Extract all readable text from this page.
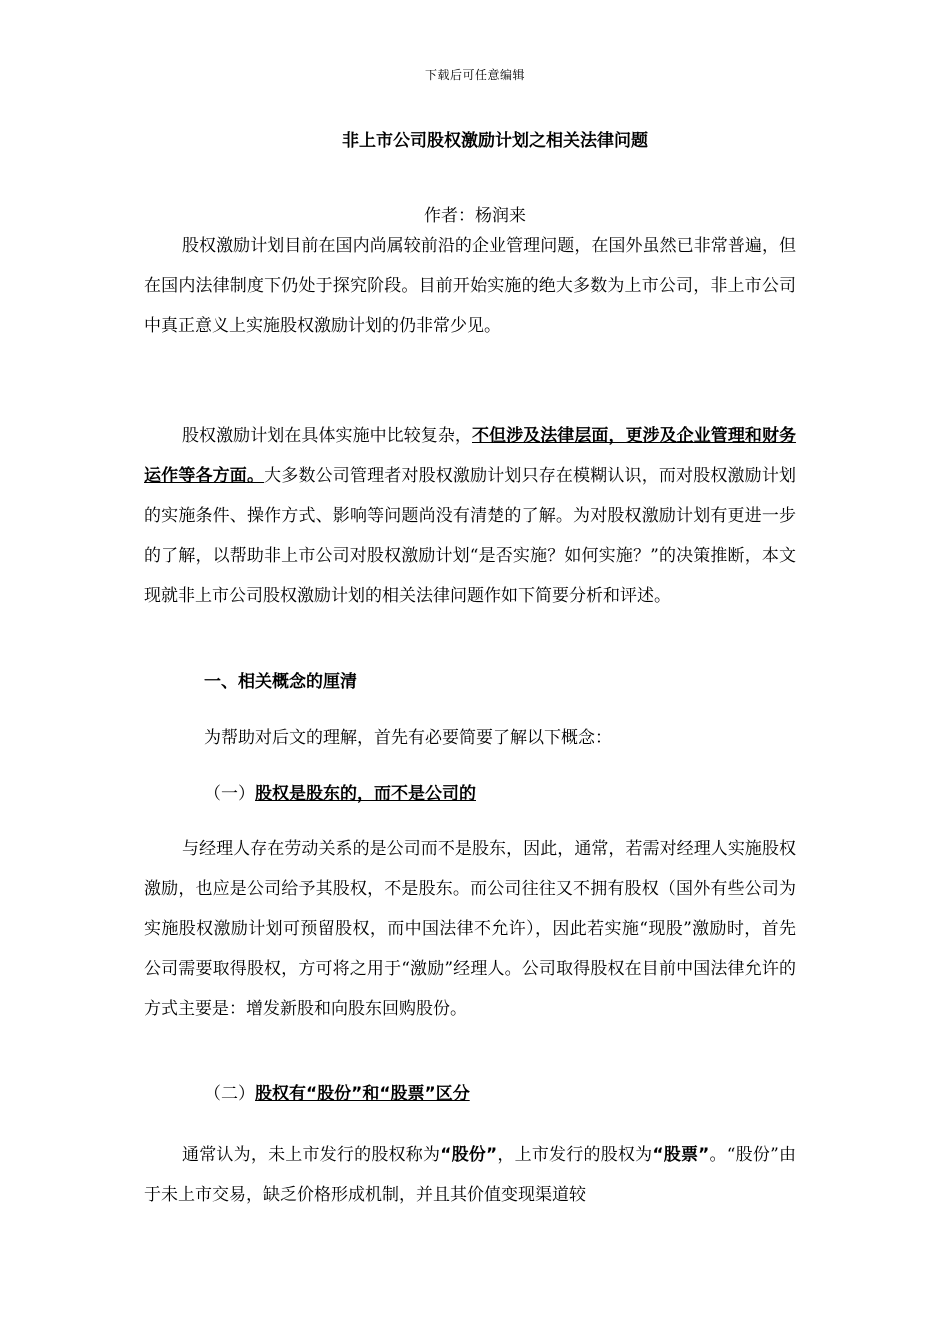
下载后可任意编辑
非上市公司股权激励计划之相关法律问题
作者：杨润来
股权激励计划目前在国内尚属较前沿的企业管理问题，在国外虽然已非常普遍，但在国内法律制度下仍处于探究阶段。目前开始实施的绝大多数为上市公司，非上市公司中真正意义上实施股权激励计划的仍非常少见。
股权激励计划在具体实施中比较复杂，不但涉及法律层面，更涉及企业管理和财务运作等各方面。大多数公司管理者对股权激励计划只存在模糊认识，而对股权激励计划的实施条件、操作方式、影响等问题尚没有清楚的了解。为对股权激励计划有更进一步的了解，以帮助非上市公司对股权激励计划“是否实施？如何实施？”的决策推断，本文现就非上市公司股权激励计划的相关法律问题作如下简要分析和评述。
一、相关概念的厘清
为帮助对后文的理解，首先有必要简要了解以下概念：
（一）股权是股东的，而不是公司的
与经理人存在劳动关系的是公司而不是股东，因此，通常，若需对经理人实施股权激励，也应是公司给予其股权，不是股东。而公司往往又不拥有股权（国外有些公司为实施股权激励计划可预留股权，而中国法律不允许），因此若实施“现股”激励时，首先公司需要取得股权，方可将之用于“激励”经理人。公司取得股权在目前中国法律允许的方式主要是：增发新股和向股东回购股份。
（二）股权有“股份”和“股票”区分
通常认为，未上市发行的股权称为“股份”，上市发行的股权为“股票”。“股份”由于未上市交易，缺乏价格形成机制，并且其价值变现渠道较
